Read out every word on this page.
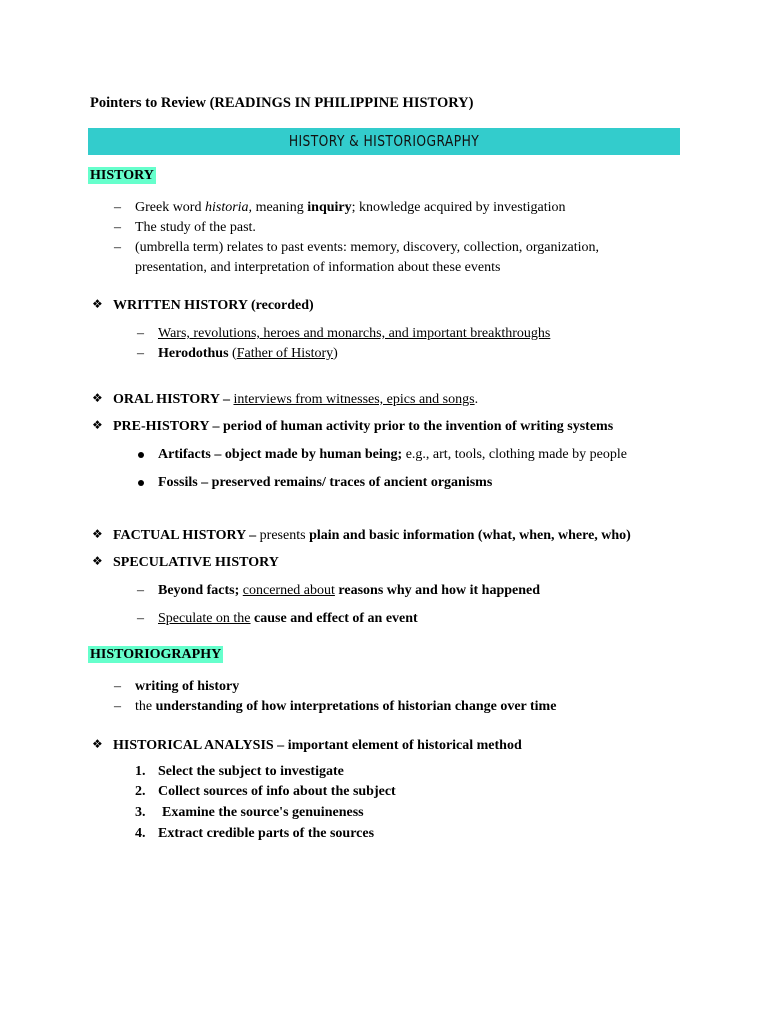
Pointers to Review (READINGS IN PHILIPPINE HISTORY)
HISTORY & HISTORIOGRAPHY
HISTORY
– Greek word historia, meaning inquiry; knowledge acquired by investigation
– The study of the past.
– (umbrella term) relates to past events: memory, discovery, collection, organization,
presentation, and interpretation of information about these events
❖ WRITTEN HISTORY (recorded)
– Wars, revolutions, heroes and monarchs, and important breakthroughs
– Herodothus (Father of History)
❖ ORAL HISTORY – interviews from witnesses, epics and songs.
❖ PRE-HISTORY – period of human activity prior to the invention of writing systems
Artifacts – object made by human being; e.g., art, tools, clothing made by people
Fossils – preserved remains/ traces of ancient organisms
❖ FACTUAL HISTORY – presents plain and basic information (what, when, where, who)
❖ SPECULATIVE HISTORY
– Beyond facts; concerned about reasons why and how it happened
– Speculate on the cause and effect of an event
HISTORIOGRAPHY
– writing of history
– the understanding of how interpretations of historian change over time
❖ HISTORICAL ANALYSIS – important element of historical method
1. Select the subject to investigate
2. Collect sources of info about the subject
3. Examine the source's genuineness
4. Extract credible parts of the sources
